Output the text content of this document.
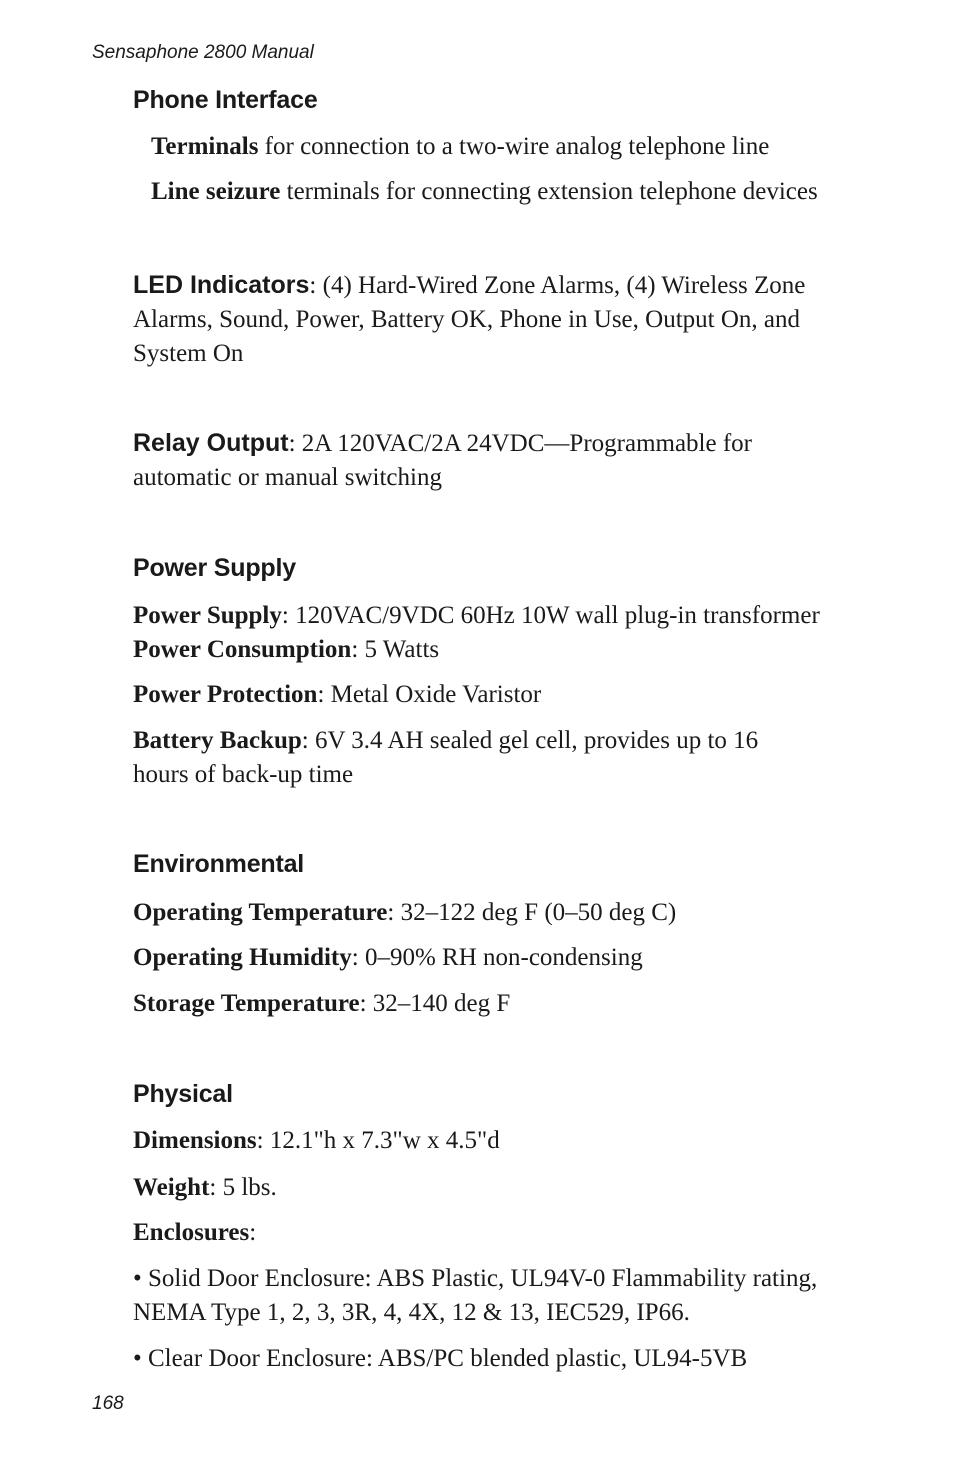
Sensaphone 2800 Manual
Phone Interface
Terminals for connection to a two-wire analog telephone line
Line seizure terminals for connecting extension telephone devices
LED Indicators: (4) Hard-Wired Zone Alarms, (4) Wireless Zone
Alarms, Sound, Power, Battery OK, Phone in Use, Output On, and
System On
Relay Output: 2A 120VAC/2A 24VDC—Programmable for
automatic or manual switching
Power Supply
Power Supply: 120VAC/9VDC 60Hz 10W wall plug-in transformer
Power Consumption: 5 Watts
Power Protection: Metal Oxide Varistor
Battery Backup: 6V 3.4 AH sealed gel cell, provides up to 16
hours of back-up time
Environmental
Operating Temperature: 32–122 deg F (0–50 deg C)
Operating Humidity: 0–90% RH non-condensing
Storage Temperature: 32–140 deg F
Physical
Dimensions: 12.1"h x 7.3"w x 4.5"d
Weight: 5 lbs.
Enclosures:
• Solid Door Enclosure: ABS Plastic, UL94V-0 Flammability rating,
NEMA Type 1, 2, 3, 3R, 4, 4X, 12 & 13, IEC529, IP66.
• Clear Door Enclosure: ABS/PC blended plastic, UL94-5VB
168
